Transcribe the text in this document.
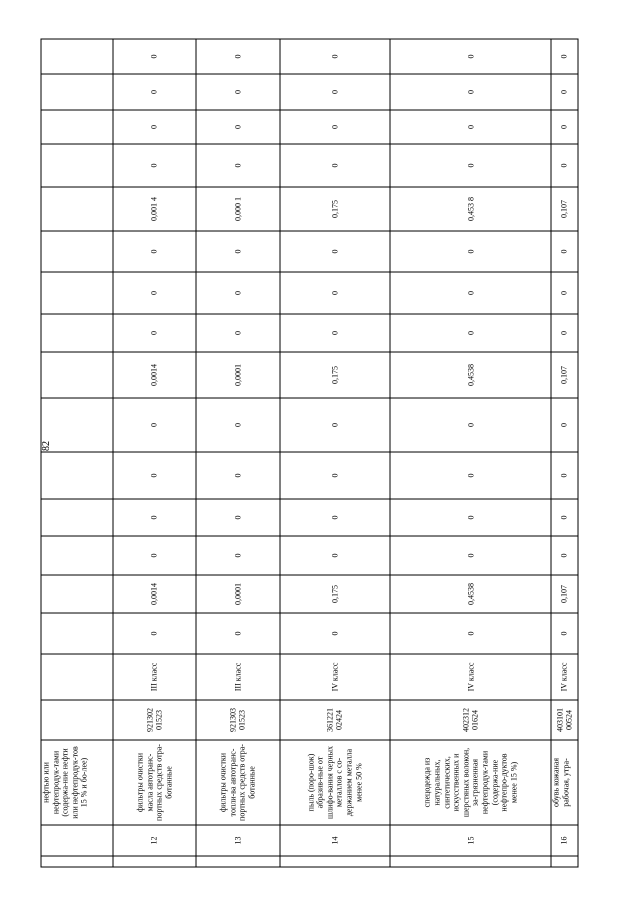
82
		нефтью или нефтепродук-тами (содержа-ние нефти или нефтепродук-тов 15 % и бо-лее)																	
	12	фильтры очистки масла автотранс-портных средств отра-ботанные	921302 01523	III класс	0	0,0014	0	0	0	0	0,0014	0	0	0	0,001 4	0	0	0	0
	13	фильтры очистки топли-ва автотранс-портных средств отра-ботанные	921303 01523	III класс	0	0,0001	0	0	0	0	0,0001	0	0	0	0,000 1	0	0	0	0
	14	пыль (поро-шок) абразив-ные от шлифо-вания черных металлов с со-держанием металла менее 50 %	361221 02424	IV класс	0	0,175	0	0	0	0	0,175	0	0	0	0,175	0	0	0	0
	15	спецодежда из натуральных, синтетических, искусственных и шерстяных волокон, за-грязненная нефтепродук-тами (содержа-ние нефтепро-дуктов менее 15 %)	402312 01624	IV класс	0	0,4538	0	0	0	0	0,4538	0	0	0	0,453 8	0	0	0	0
	16	обувь кожаная рабочая, утра-	403101 00524	IV класс	0	0,107	0	0	0	0	0,107	0	0	0	0,107	0	0	0	0
